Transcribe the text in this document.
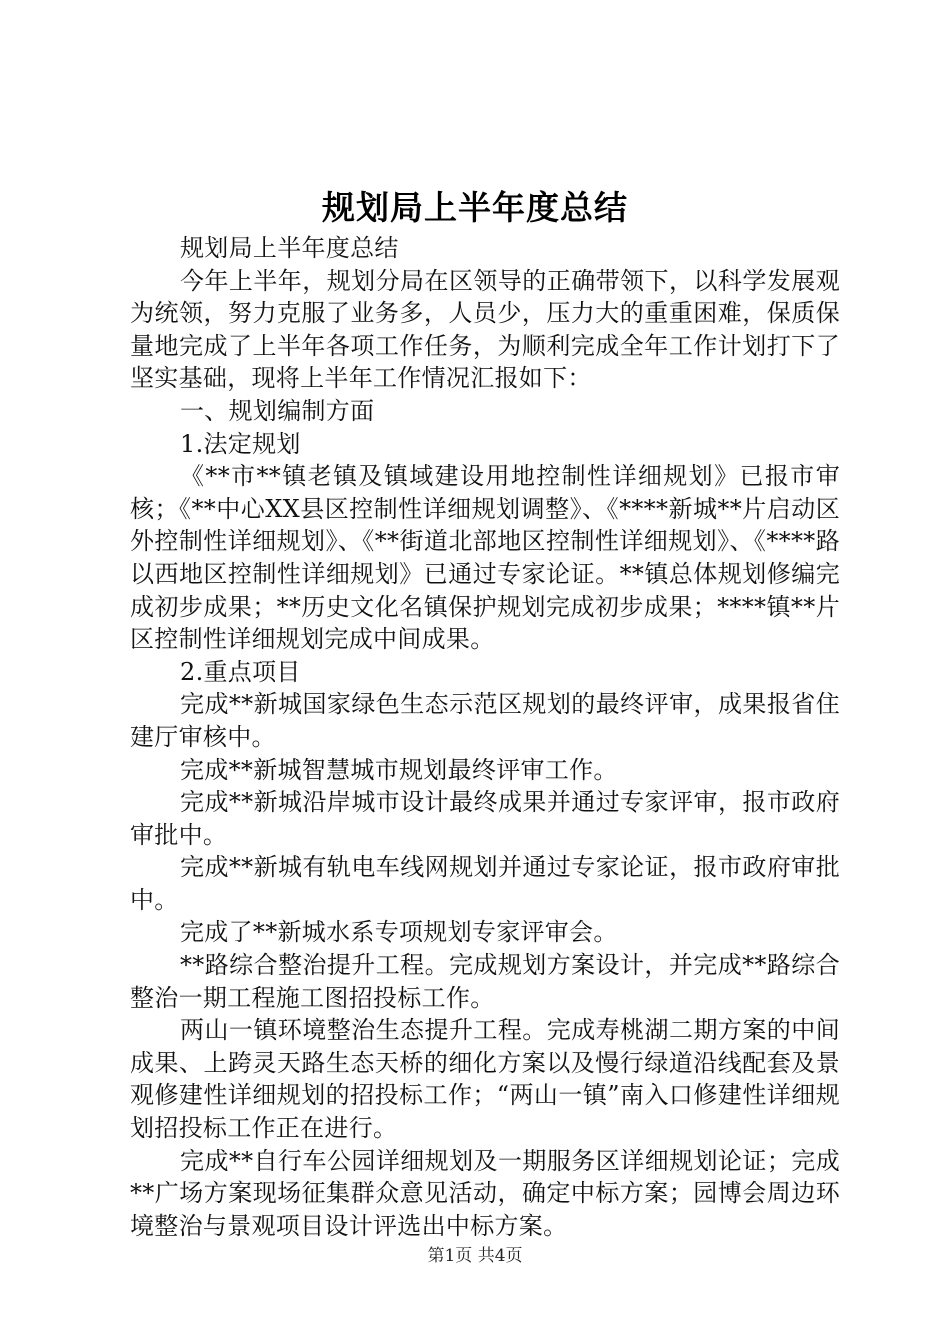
规划局上半年度总结

规划局上半年度总结

今年上半年，规划分局在区领导的正确带领下，以科学发展观为统领，努力克服了业务多，人员少，压力大的重重困难，保质保量地完成了上半年各项工作任务，为顺利完成全年工作计划打下了坚实基础，现将上半年工作情况汇报如下：

一、规划编制方面

1.法定规划

《**市**镇老镇及镇域建设用地控制性详细规划》已报市审核；《**中心XX县区控制性详细规划调整》、《****新城**片启动区外控制性详细规划》、《**街道北部地区控制性详细规划》、《****路以西地区控制性详细规划》已通过专家论证。**镇总体规划修编完成初步成果；**历史文化名镇保护规划完成初步成果；****镇**片区控制性详细规划完成中间成果。

2.重点项目

完成**新城国家绿色生态示范区规划的最终评审，成果报省住建厅审核中。

完成**新城智慧城市规划最终评审工作。

完成**新城沿岸城市设计最终成果并通过专家评审，报市政府审批中。

完成**新城有轨电车线网规划并通过专家论证，报市政府审批中。

完成了**新城水系专项规划专家评审会。

**路综合整治提升工程。完成规划方案设计，并完成**路综合整治一期工程施工图招投标工作。

两山一镇环境整治生态提升工程。完成寿桃湖二期方案的中间成果、上跨灵天路生态天桥的细化方案以及慢行绿道沿线配套及景观修建性详细规划的招投标工作；“两山一镇”南入口修建性详细规划招投标工作正在进行。

完成**自行车公园详细规划及一期服务区详细规划论证；完成**广场方案现场征集群众意见活动，确定中标方案；园博会周边环境整治与景观项目设计评选出中标方案。

第1页 共4页
